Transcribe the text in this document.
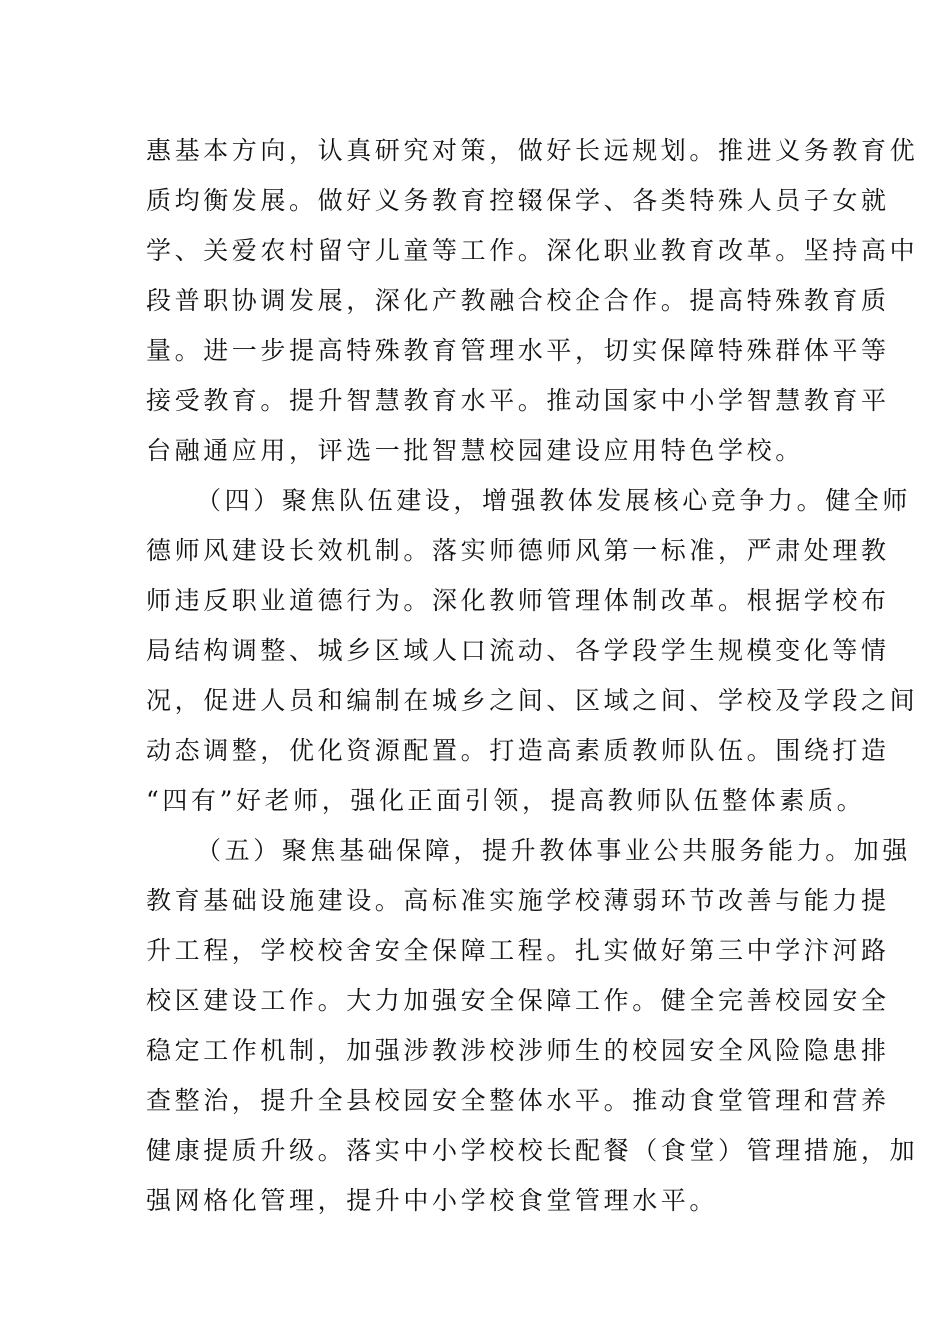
惠基本方向，认真研究对策，做好长远规划。推进义务教育优
质均衡发展。做好义务教育控辍保学、各类特殊人员子女就
学、关爱农村留守儿童等工作。深化职业教育改革。坚持高中
段普职协调发展，深化产教融合校企合作。提高特殊教育质
量。进一步提高特殊教育管理水平，切实保障特殊群体平等
接受教育。提升智慧教育水平。推动国家中小学智慧教育平
台融通应用，评选一批智慧校园建设应用特色学校。
（四）聚焦队伍建设，增强教体发展核心竞争力。健全师
德师风建设长效机制。落实师德师风第一标准，严肃处理教
师违反职业道德行为。深化教师管理体制改革。根据学校布
局结构调整、城乡区域人口流动、各学段学生规模变化等情
况，促进人员和编制在城乡之间、区域之间、学校及学段之间
动态调整，优化资源配置。打造高素质教师队伍。围绕打造
“四有”好老师，强化正面引领，提高教师队伍整体素质。
（五）聚焦基础保障，提升教体事业公共服务能力。加强
教育基础设施建设。高标准实施学校薄弱环节改善与能力提
升工程，学校校舍安全保障工程。扎实做好第三中学汴河路
校区建设工作。大力加强安全保障工作。健全完善校园安全
稳定工作机制，加强涉教涉校涉师生的校园安全风险隐患排
查整治，提升全县校园安全整体水平。推动食堂管理和营养
健康提质升级。落实中小学校校长配餐（食堂）管理措施，加
强网格化管理，提升中小学校食堂管理水平。
